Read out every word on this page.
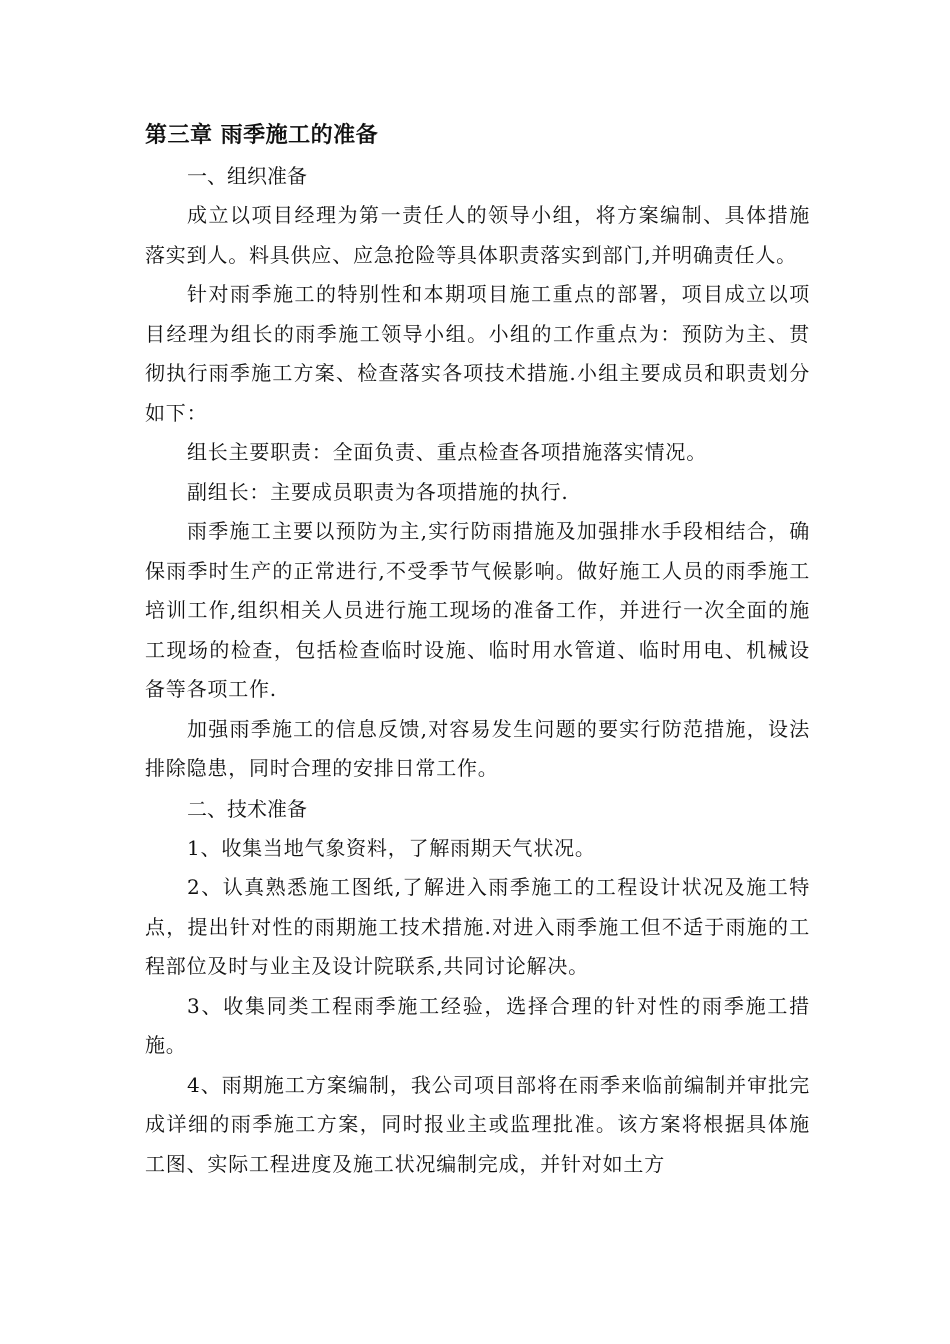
第三章 雨季施工的准备

一、组织准备

成立以项目经理为第一责任人的领导小组，将方案编制、具体措施落实到人。料具供应、应急抢险等具体职责落实到部门,并明确责任人。

针对雨季施工的特别性和本期项目施工重点的部署，项目成立以项目经理为组长的雨季施工领导小组。小组的工作重点为：预防为主、贯彻执行雨季施工方案、检查落实各项技术措施.小组主要成员和职责划分如下：

组长主要职责：全面负责、重点检查各项措施落实情况。

副组长：主要成员职责为各项措施的执行.

雨季施工主要以预防为主,实行防雨措施及加强排水手段相结合，确保雨季时生产的正常进行,不受季节气候影响。做好施工人员的雨季施工培训工作,组织相关人员进行施工现场的准备工作，并进行一次全面的施工现场的检查，包括检查临时设施、临时用水管道、临时用电、机械设备等各项工作.

加强雨季施工的信息反馈,对容易发生问题的要实行防范措施，设法排除隐患，同时合理的安排日常工作。

二、技术准备

1、收集当地气象资料，了解雨期天气状况。

2、认真熟悉施工图纸,了解进入雨季施工的工程设计状况及施工特点，提出针对性的雨期施工技术措施.对进入雨季施工但不适于雨施的工程部位及时与业主及设计院联系,共同讨论解决。

3、收集同类工程雨季施工经验，选择合理的针对性的雨季施工措施。

4、雨期施工方案编制，我公司项目部将在雨季来临前编制并审批完成详细的雨季施工方案，同时报业主或监理批准。该方案将根据具体施工图、实际工程进度及施工状况编制完成，并针对如土方
